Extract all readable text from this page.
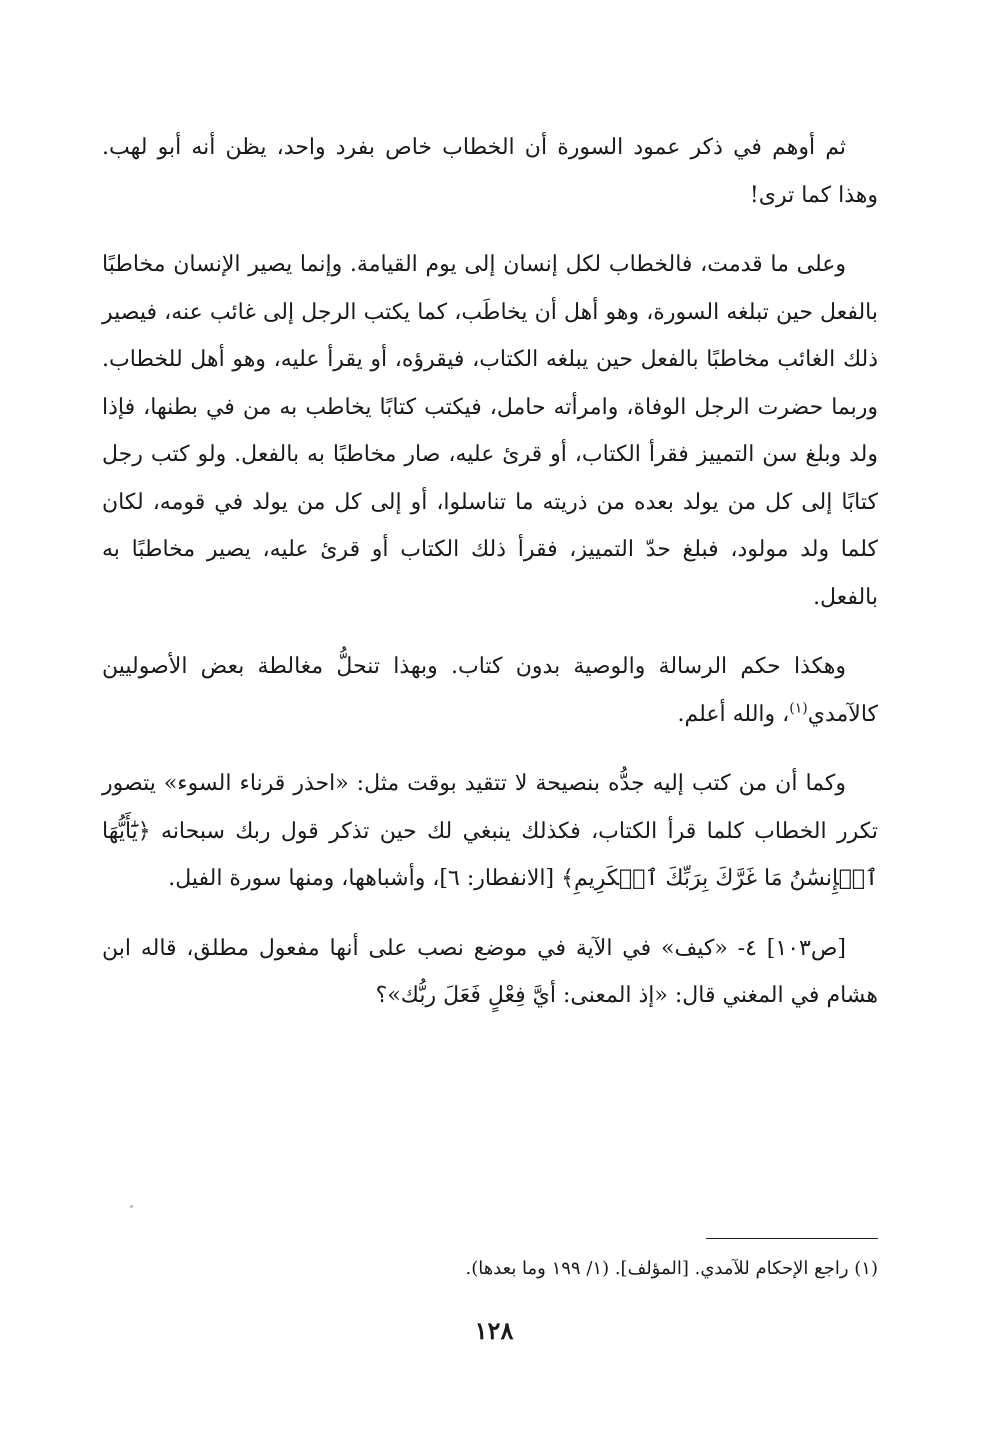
ثم أوهم في ذكر عمود السورة أن الخطاب خاص بفرد واحد، يظن أنه أبو لهب. وهذا كما ترى!

وعلى ما قدمت، فالخطاب لكل إنسان إلى يوم القيامة. وإنما يصير الإنسان مخاطبًا بالفعل حين تبلغه السورة، وهو أهل أن يخاطَب، كما يكتب الرجل إلى غائب عنه، فيصير ذلك الغائب مخاطبًا بالفعل حين يبلغه الكتاب، فيقرؤه، أو يقرأ عليه، وهو أهل للخطاب. وربما حضرت الرجل الوفاة، وامرأته حامل، فيكتب كتابًا يخاطب به من في بطنها، فإذا ولد وبلغ سن التمييز فقرأ الكتاب، أو قرئ عليه، صار مخاطبًا به بالفعل. ولو كتب رجل كتابًا إلى كل من يولد بعده من ذريته ما تناسلوا، أو إلى كل من يولد في قومه، لكان كلما ولد مولود، فبلغ حدّ التمييز، فقرأ ذلك الكتاب أو قرئ عليه، يصير مخاطبًا به بالفعل.

وهكذا حكم الرسالة والوصية بدون كتاب. وبهذا تنحلُّ مغالطة بعض الأصوليين كالآمدي$^{(١)}$، والله أعلم.

وكما أن من كتب إليه جدُّه بنصيحة لا تتقيد بوقت مثل: «احذر قرناء السوء» يتصور تكرر الخطاب كلما قرأ الكتاب، فكذلك ينبغي لك حين تذكر قول ربك سبحانه ﴿يَٰٓأَيُّهَا ٱلۡإِنسَٰنُ مَا غَرَّكَ بِرَبِّكَ ٱلۡكَرِيمِ﴾ [الانفطار: ٦]، وأشباهها، ومنها سورة الفيل.

[ص١٠٣] ٤- «كيف» في الآية في موضع نصب على أنها مفعول مطلق، قاله ابن هشام في المغني قال: «إذ المعنى: أيَّ فِعْلٍ فَعَلَ ربُّك»؟

(١) راجع الإحكام للآمدي. [المؤلف]. (١/ ١٩٩ وما بعدها).
١٢٨
